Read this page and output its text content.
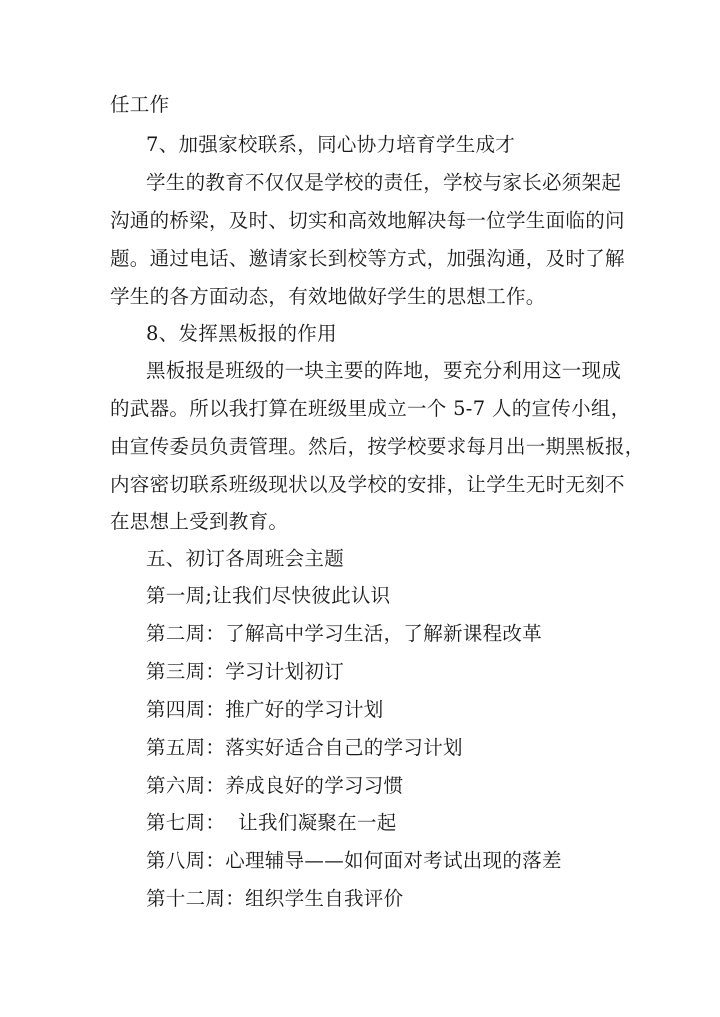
任工作
7、加强家校联系，同心协力培育学生成才
学生的教育不仅仅是学校的责任，学校与家长必须架起
沟通的桥梁，及时、切实和高效地解决每一位学生面临的问
题。通过电话、邀请家长到校等方式，加强沟通，及时了解
学生的各方面动态，有效地做好学生的思想工作。
8、发挥黑板报的作用
黑板报是班级的一块主要的阵地，要充分利用这一现成
的武器。所以我打算在班级里成立一个 5-7 人的宣传小组，
由宣传委员负责管理。然后，按学校要求每月出一期黑板报，
内容密切联系班级现状以及学校的安排，让学生无时无刻不
在思想上受到教育。
五、初订各周班会主题
第一周;让我们尽快彼此认识
第二周：了解高中学习生活，了解新课程改革
第三周：学习计划初订
第四周：推广好的学习计划
第五周：落实好适合自己的学习计划
第六周：养成良好的学习习惯
第七周：  让我们凝聚在一起
第八周：心理辅导——如何面对考试出现的落差
第十二周：组织学生自我评价
